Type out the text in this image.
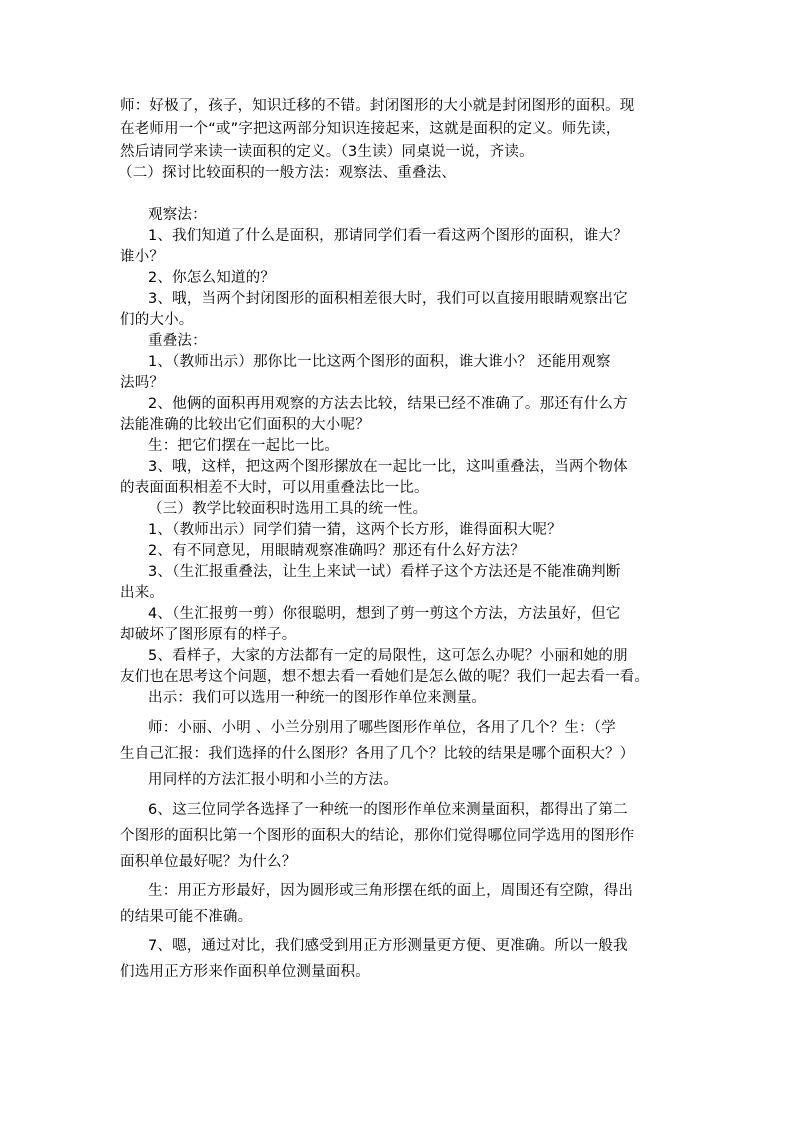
师：好极了，孩子，知识迁移的不错。封闭图形的大小就是封闭图形的面积。现
在老师用一个“或”字把这两部分知识连接起来，这就是面积的定义。师先读，
然后请同学来读一读面积的定义。（3生读）同桌说一说，齐读。
（二）探讨比较面积的一般方法：观察法、重叠法、
观察法：
1、我们知道了什么是面积，那请同学们看一看这两个图形的面积，谁大？
谁小？
2、你怎么知道的？
3、哦，当两个封闭图形的面积相差很大时，我们可以直接用眼睛观察出它
们的大小。
重叠法：
1、（教师出示）那你比一比这两个图形的面积，谁大谁小？ 还能用观察
法吗？
2、他俩的面积再用观察的方法去比较，结果已经不准确了。那还有什么方
法能准确的比较出它们面积的大小呢？
生：把它们摆在一起比一比。
3、哦，这样，把这两个图形摞放在一起比一比，这叫重叠法，当两个物体
的表面面积相差不大时，可以用重叠法比一比。
（三）教学比较面积时选用工具的统一性。
1、（教师出示）同学们猜一猜，这两个长方形，谁得面积大呢？
2、有不同意见，用眼睛观察准确吗？那还有什么好方法？
3、（生汇报重叠法，让生上来试一试）看样子这个方法还是不能准确判断
出来。
4、（生汇报剪一剪）你很聪明，想到了剪一剪这个方法，方法虽好，但它
却破坏了图形原有的样子。
5、看样子，大家的方法都有一定的局限性，这可怎么办呢？小丽和她的朋
友们也在思考这个问题，想不想去看一看她们是怎么做的呢？我们一起去看一看。
出示：我们可以选用一种统一的图形作单位来测量。
师：小丽、小明 、小兰分别用了哪些图形作单位，各用了几个？生：（学
生自己汇报：我们选择的什么图形？各用了几个？比较的结果是哪个面积大？）
用同样的方法汇报小明和小兰的方法。
6、这三位同学各选择了一种统一的图形作单位来测量面积，都得出了第二
个图形的面积比第一个图形的面积大的结论，那你们觉得哪位同学选用的图形作
面积单位最好呢？为什么？
生：用正方形最好，因为圆形或三角形摆在纸的面上，周围还有空隙，得出
的结果可能不准确。
7、嗯，通过对比，我们感受到用正方形测量更方便、更准确。所以一般我
们选用正方形来作面积单位测量面积。
